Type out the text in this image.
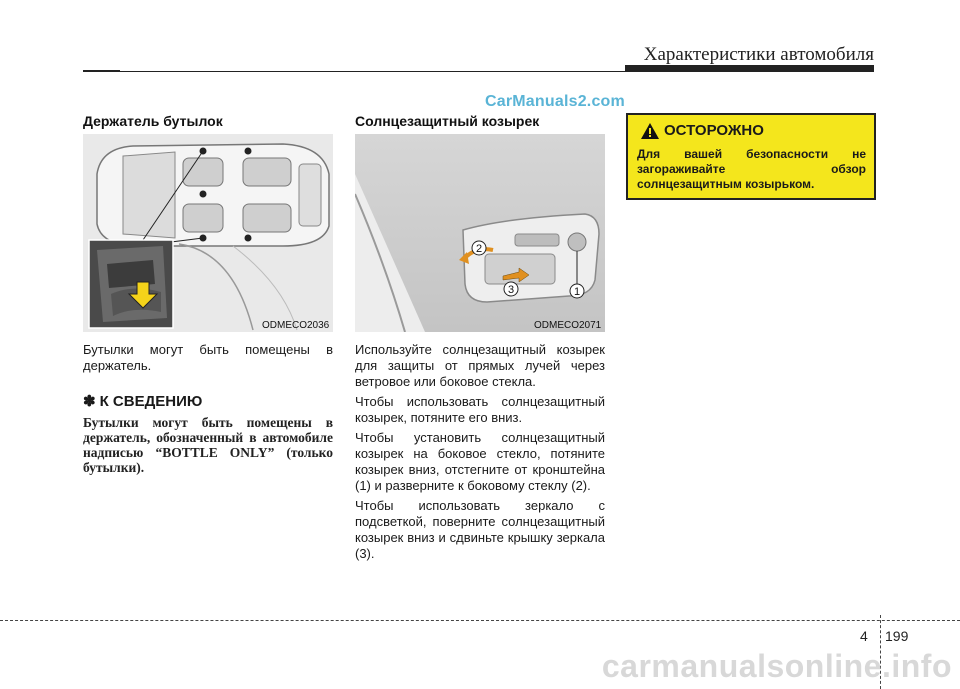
Характеристики автомобиля
CarManuals2.com
Держатель бутылок
ODMECO2036

Бутылки могут быть помещены в держатель.

✽ К СВЕДЕНИЮ

Бутылки могут быть помещены в держатель, обозначенный в автомобиле надписью “BOTTLE ONLY” (только бутылки).

Солнцезащитный козырек
2
3	1
ODMECO2071

Используйте солнцезащитный козырек для защиты от прямых лучей через ветровое или боковое стекла.

Чтобы использовать солнцезащитный козырек, потяните его вниз.

Чтобы установить солнцезащитный козырек на боковое стекло, потяните козырек вниз, отстегните от кронштейна (1) и разверните к боковому стеклу (2).

Чтобы использовать зеркало с подсветкой, поверните солнцезащитный козырек вниз и сдвиньте крышку зеркала (3).

ОСТОРОЖНО
Для вашей безопасности не загораживайте обзор солнцезащитным козырьком.
4 199
carmanualsonline.info
